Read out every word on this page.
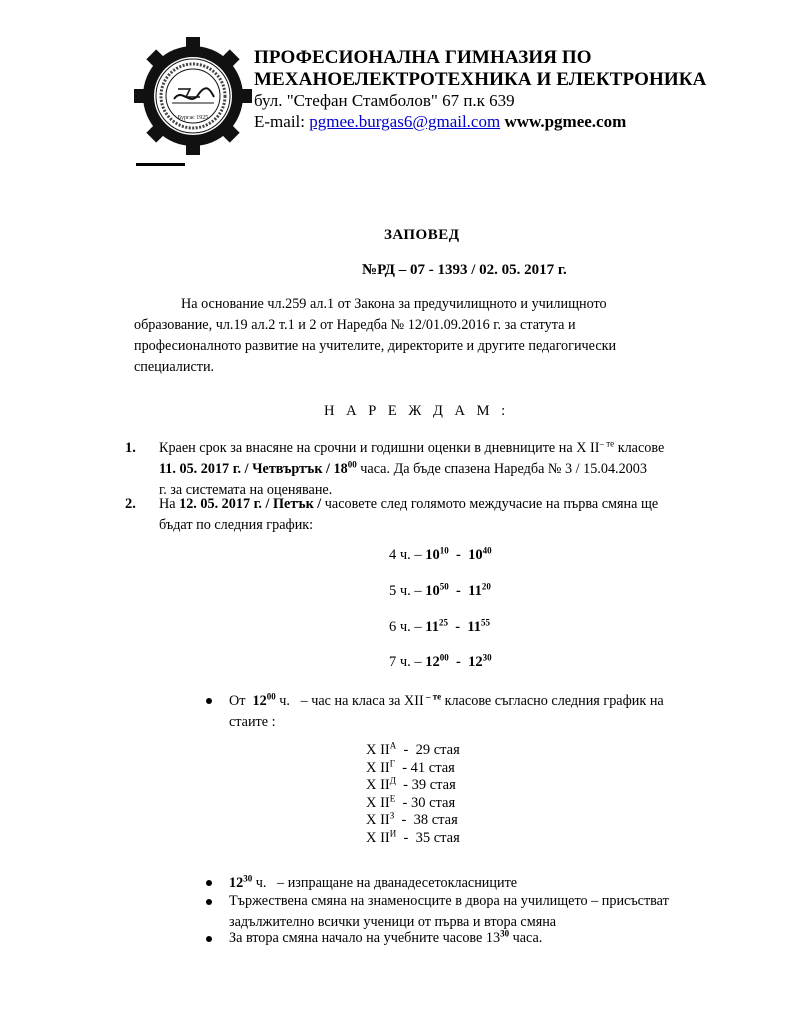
Бургас 1925
ПРОФЕСИОНАЛНА ГИМНАЗИЯ ПО
МЕХАНОЕЛЕКТРОТЕХНИКА И ЕЛЕКТРОНИКА
бул. "Стефан Стамболов" 67 п.к 639
E-mail: pgmee.burgas6@gmail.com www.pgmee.com
ЗАПОВЕД
№РД – 07 - 1393 / 02. 05. 2017 г.
На основание чл.259 ал.1 от Закона за предучилищното и училищното
образование, чл.19 ал.2 т.1 и 2 от Наредба № 12/01.09.2016 г. за статута и
професионалното развитие на учителите, директорите и другите педагогически
специалисти.
Н А Р Е Ж Д А М :
1. Краен срок за внасяне на срочни и годишни оценки в дневниците на Х $ІІ^{- те}$ класове
11. 05. 2017 г. / Четвъртък / $18^{00}$ часа. Да бъде спазена Наредба № 3 / 15.04.2003
г. за системата на оценяване.
2. На 12. 05. 2017 г. / Петък / часовете след голямото междучасие на първа смяна ще
бъдат по следния график:
4 ч. – $10^{10} - 10^{40}$
5 ч. – $10^{50} - 11^{20}$
6 ч. – $11^{25} - 11^{55}$
7 ч. – $12^{00} - 12^{30}$
От  $12^{00}$ ч.   – час на класа за ХІІ $^{- те}$ класове съгласно следния график на
стаите :
Х $ІІ^А - 29$ стая
Х $ІІ^Г - 41$ стая
Х $ІІ^Д - 39$ стая
Х $ІІ^Е - 30$ стая
Х $ІІ^З - 38$ стая
Х $ІІ^И - 35$ стая
$12^{30}$ ч.   – изпращане на дванадесетокласниците
Тържествена смяна на знаменосците в двора на училището – присъстват
задължително всички ученици от първа и втора смяна
За втора смяна начало на учебните часове $13^{30}$ часа.
